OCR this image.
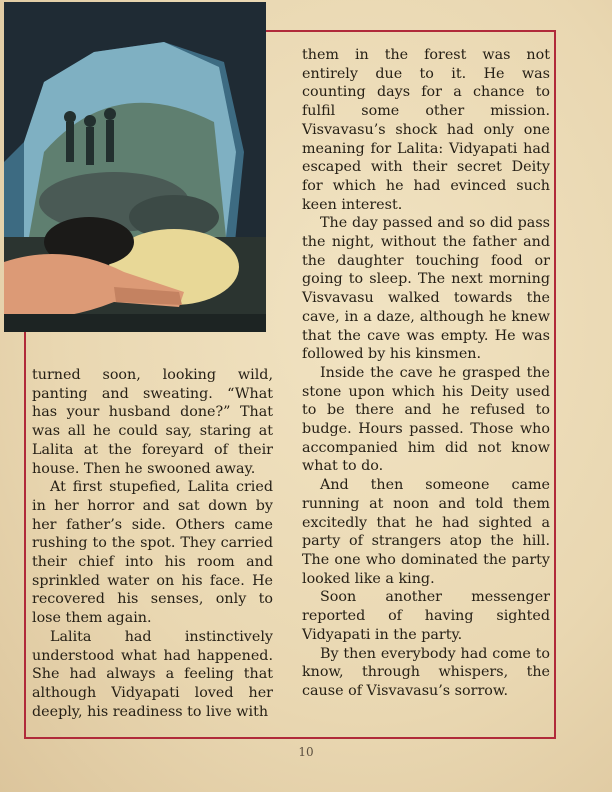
turned soon, looking wild, panting and sweating. “What has your husband done?” That was all he could say, staring at Lalita at the foreyard of their house. Then he swooned away.

At first stupefied, Lalita cried in her horror and sat down by her father’s side. Others came rushing to the spot. They carried their chief into his room and sprinkled water on his face. He recovered his senses, only to lose them again.

Lalita had instinctively understood what had happened. She had always a feeling that although Vidyapati loved her deeply, his readiness to live with

them in the forest was not entirely due to it. He was counting days for a chance to fulfil some other mission. Visvavasu’s shock had only one meaning for Lalita: Vidyapati had escaped with their secret Deity for which he had evinced such keen interest.

The day passed and so did pass the night, without the father and the daughter touching food or going to sleep. The next morning Visvavasu walked towards the cave, in a daze, although he knew that the cave was empty. He was followed by his kinsmen.

Inside the cave he grasped the stone upon which his Deity used to be there and he refused to budge. Hours passed. Those who accompanied him did not know what to do.

And then someone came running at noon and told them excitedly that he had sighted a party of strangers atop the hill. The one who dominated the party looked like a king.

Soon another messenger reported of having sighted Vidyapati in the party.

By then everybody had come to know, through whispers, the cause of Visvavasu’s sorrow.

10
